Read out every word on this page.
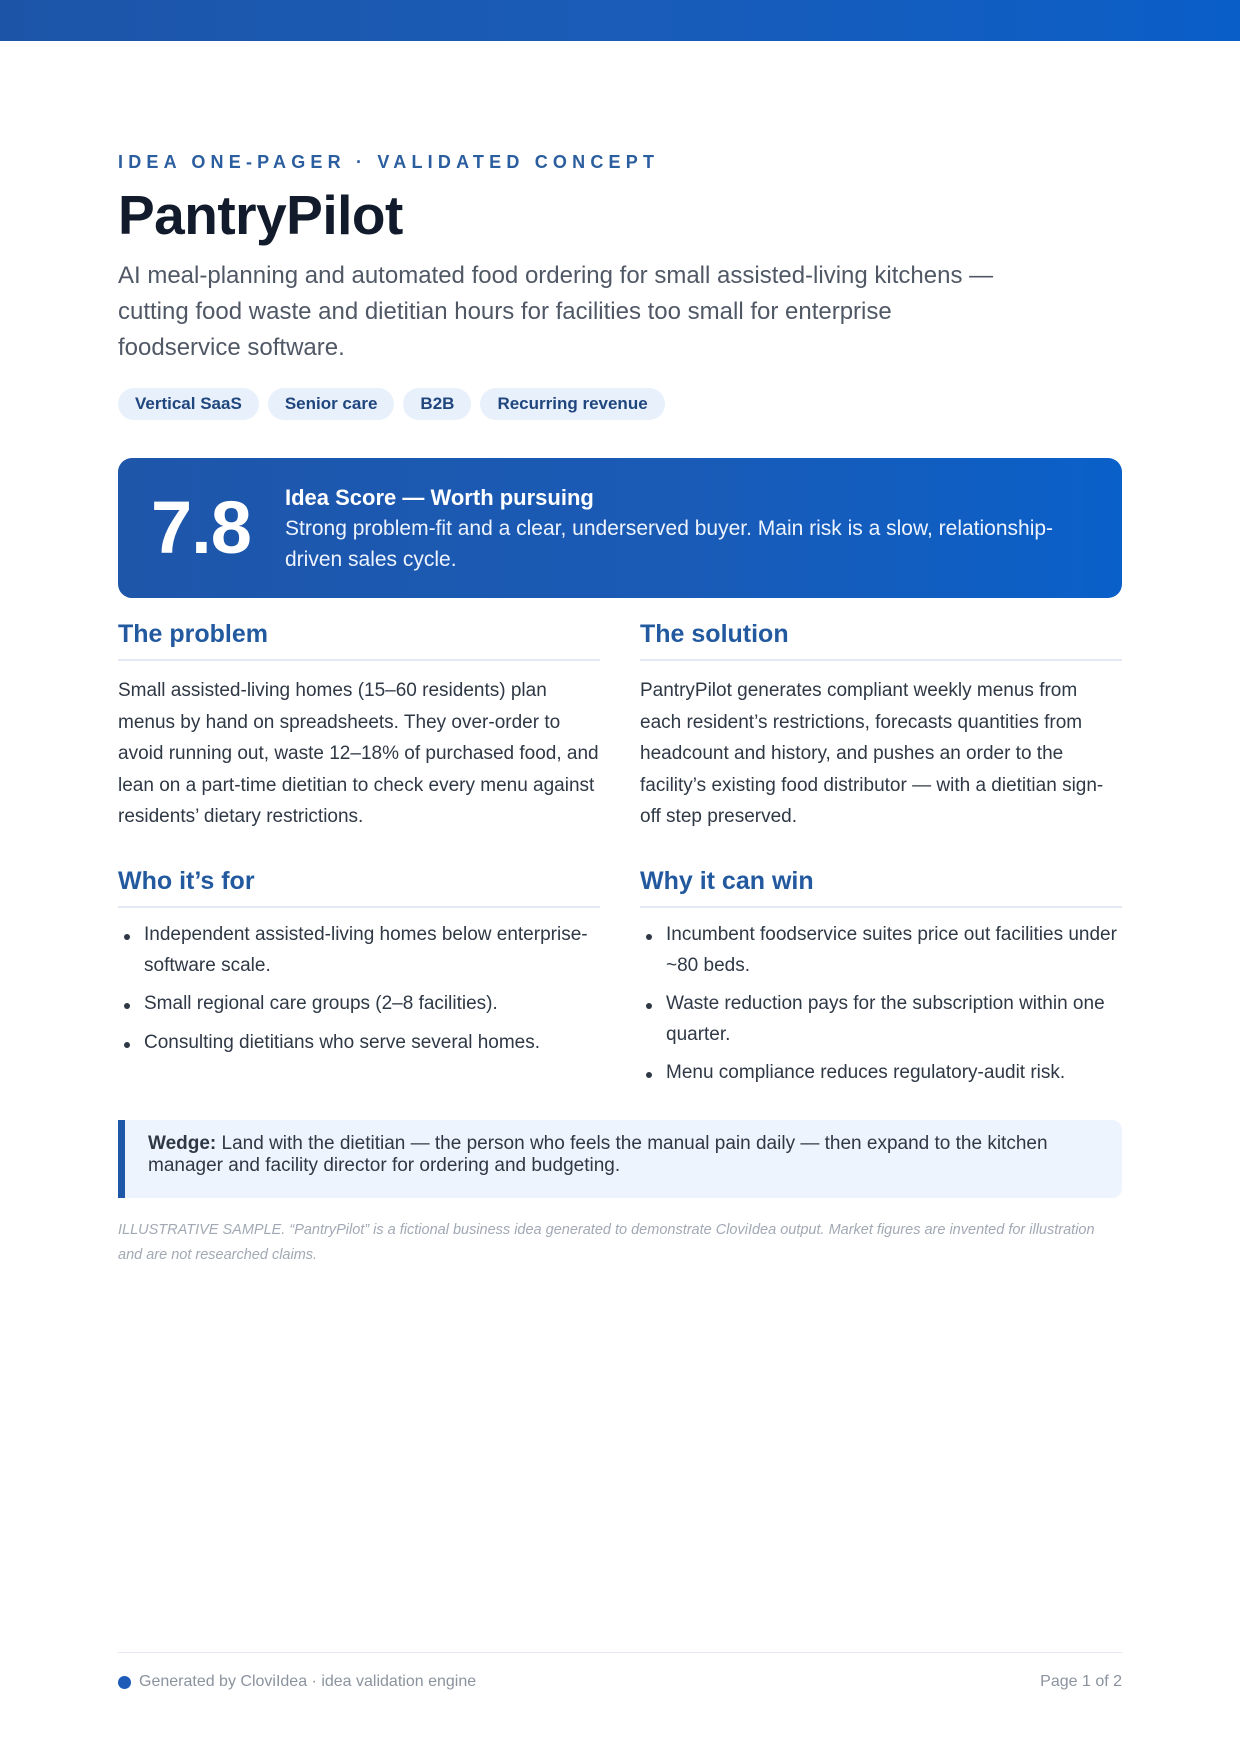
IDEA ONE-PAGER · VALIDATED CONCEPT
PantryPilot
AI meal-planning and automated food ordering for small assisted-living kitchens — cutting food waste and dietitian hours for facilities too small for enterprise foodservice software.
Vertical SaaS	Senior care	B2B	Recurring revenue
7.8 Idea Score — Worth pursuing
Strong problem-fit and a clear, underserved buyer. Main risk is a slow, relationship-driven sales cycle.
The problem

Small assisted-living homes (15–60 residents) plan menus by hand on spreadsheets. They over-order to avoid running out, waste 12–18% of purchased food, and lean on a part-time dietitian to check every menu against residents’ dietary restrictions.

The solution

PantryPilot generates compliant weekly menus from each resident’s restrictions, forecasts quantities from headcount and history, and pushes an order to the facility’s existing food distributor — with a dietitian sign-off step preserved.

Who it’s for
Independent assisted-living homes below enterprise-software scale.
Small regional care groups (2–8 facilities).
Consulting dietitians who serve several homes.
Why it can win
Incumbent foodservice suites price out facilities under ~80 beds.
Waste reduction pays for the subscription within one quarter.
Menu compliance reduces regulatory-audit risk.
Wedge: Land with the dietitian — the person who feels the manual pain daily — then expand to the kitchen manager and facility director for ordering and budgeting.
ILLUSTRATIVE SAMPLE. “PantryPilot” is a fictional business idea generated to demonstrate CloviIdea output. Market figures are invented for illustration and are not researched claims.
Generated by CloviIdea · idea validation engine	Page 1 of 2
